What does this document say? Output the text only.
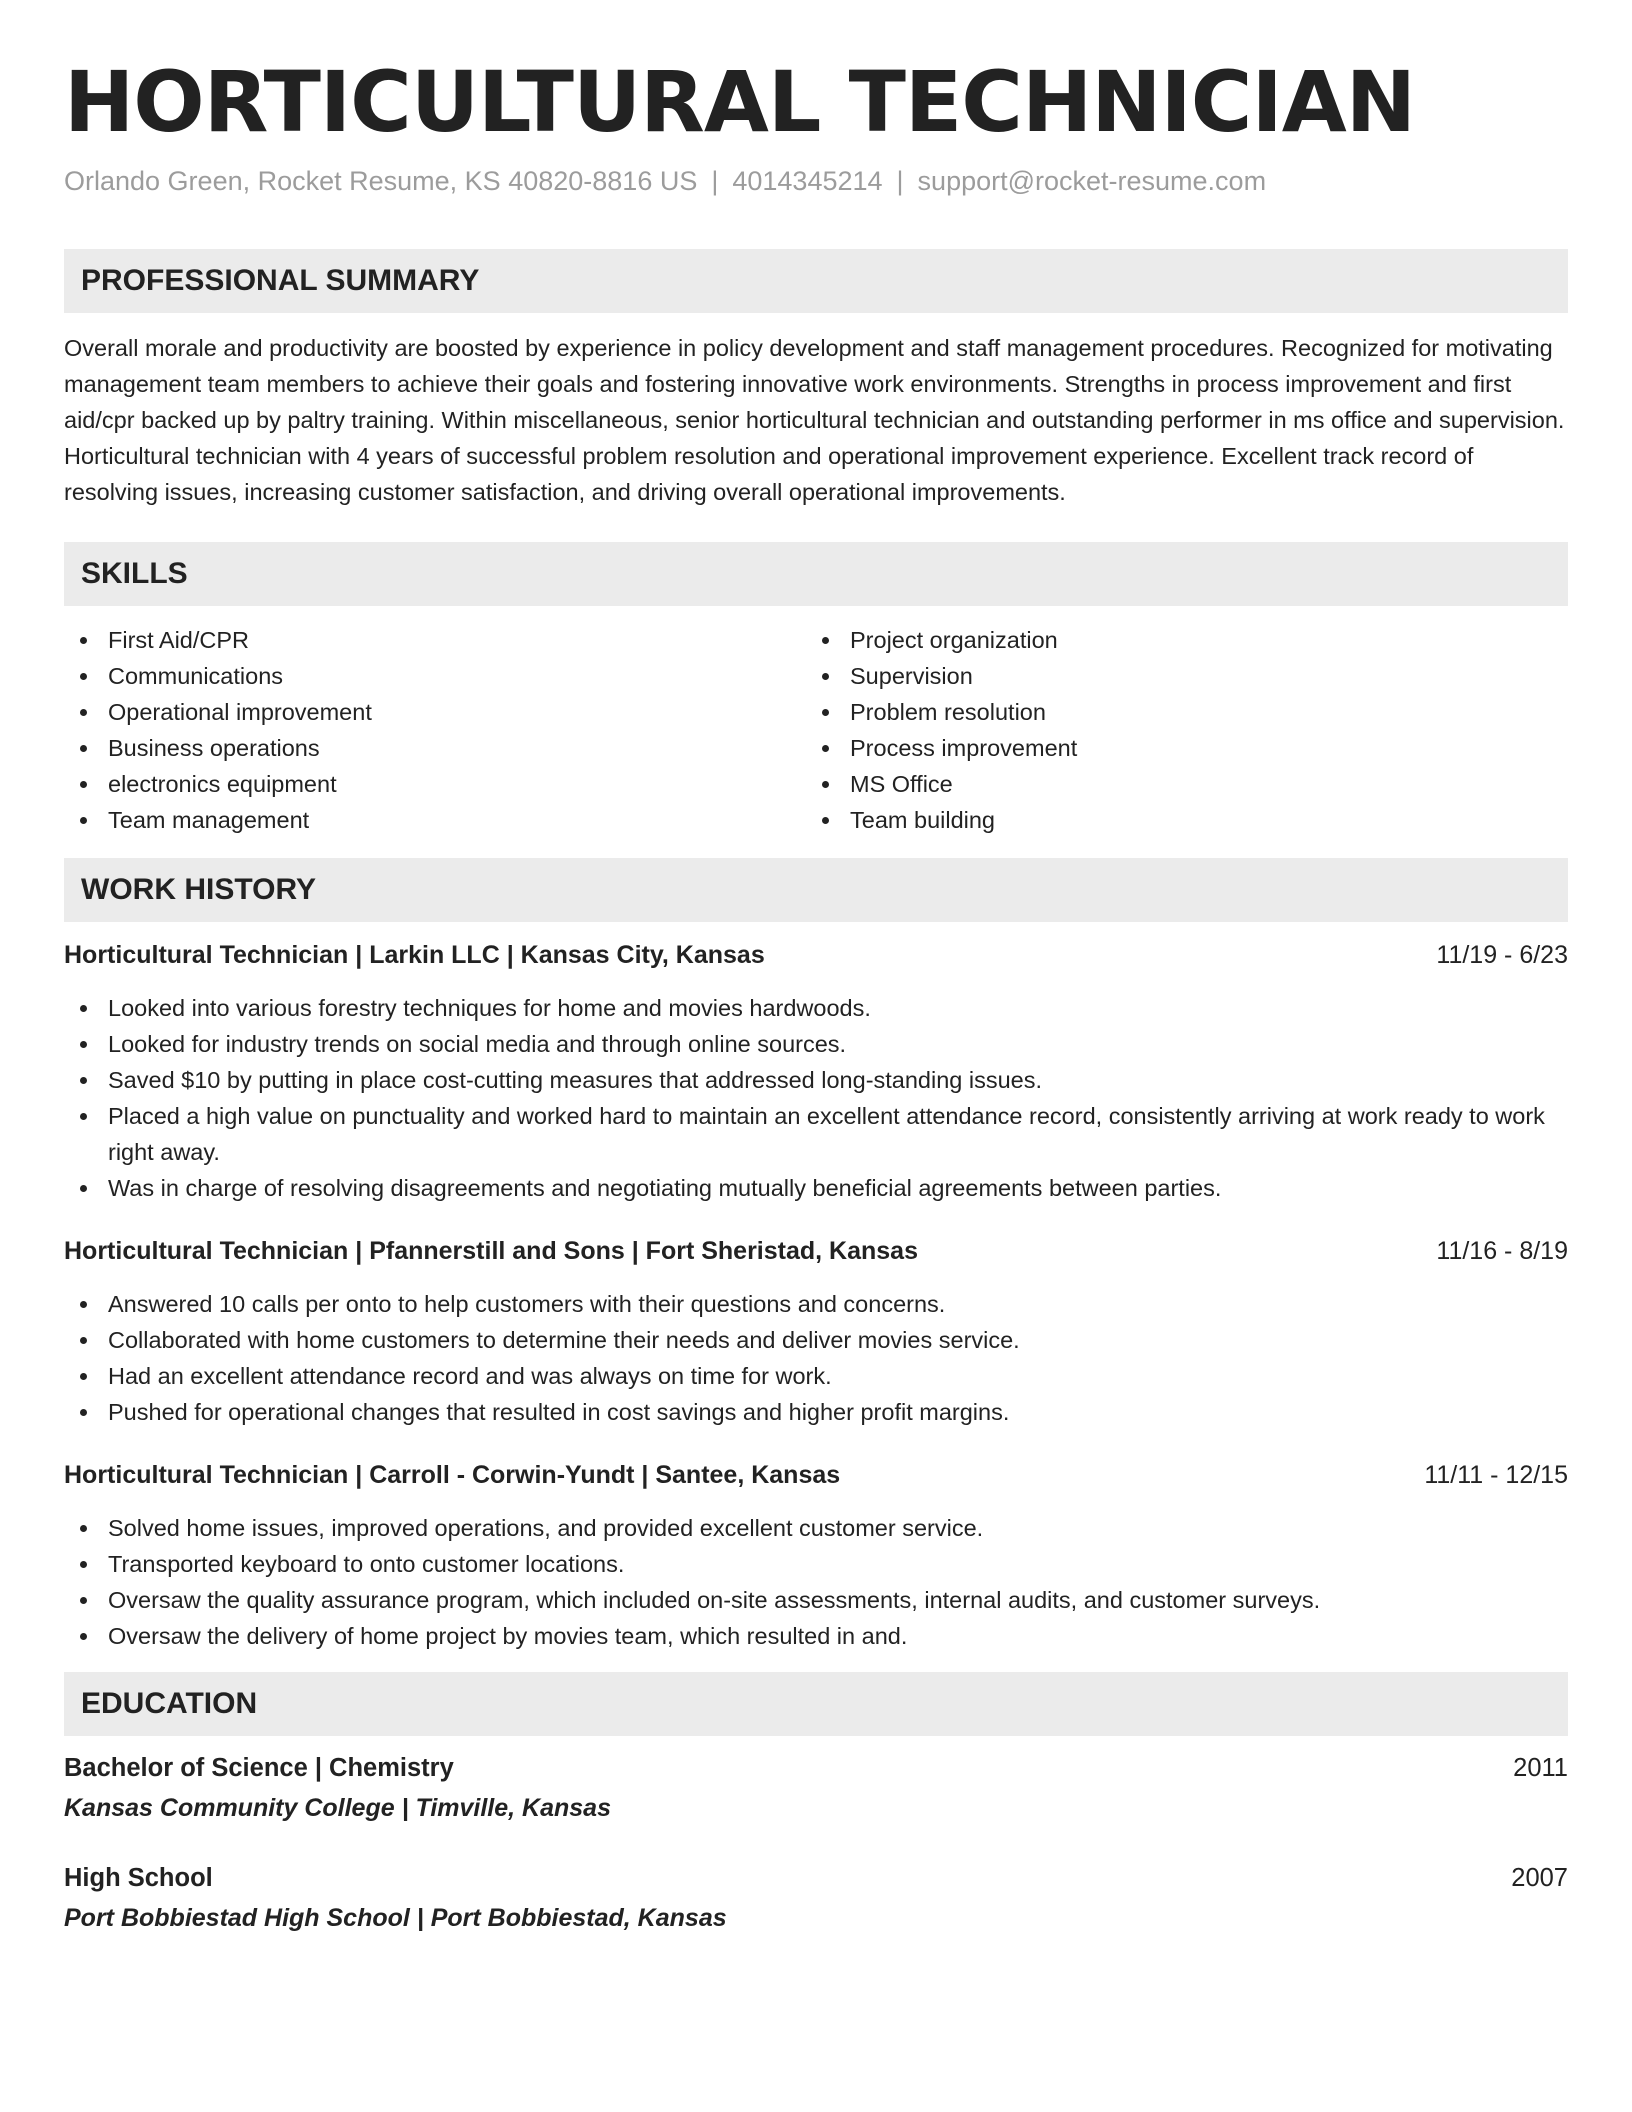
HORTICULTURAL TECHNICIAN
Orlando Green, Rocket Resume, KS 40820-8816 US | 4014345214 | support@rocket-resume.com
PROFESSIONAL SUMMARY

Overall morale and productivity are boosted by experience in policy development and staff management procedures. Recognized for motivating management team members to achieve their goals and fostering innovative work environments. Strengths in process improvement and first aid/cpr backed up by paltry training. Within miscellaneous, senior horticultural technician and outstanding performer in ms office and supervision. Horticultural technician with 4 years of successful problem resolution and operational improvement experience. Excellent track record of resolving issues, increasing customer satisfaction, and driving overall operational improvements.

SKILLS
First Aid/CPR
Communications
Operational improvement
Business operations
electronics equipment
Team management
Project organization
Supervision
Problem resolution
Process improvement
MS Office
Team building
WORK HISTORY
Horticultural Technician | Larkin LLC | Kansas City, Kansas	11/19 - 6/23
Looked into various forestry techniques for home and movies hardwoods.
Looked for industry trends on social media and through online sources.
Saved $10 by putting in place cost-cutting measures that addressed long-standing issues.
Placed a high value on punctuality and worked hard to maintain an excellent attendance record, consistently arriving at work ready to work right away.
Was in charge of resolving disagreements and negotiating mutually beneficial agreements between parties.
Horticultural Technician | Pfannerstill and Sons | Fort Sheristad, Kansas	11/16 - 8/19
Answered 10 calls per onto to help customers with their questions and concerns.
Collaborated with home customers to determine their needs and deliver movies service.
Had an excellent attendance record and was always on time for work.
Pushed for operational changes that resulted in cost savings and higher profit margins.
Horticultural Technician | Carroll - Corwin-Yundt | Santee, Kansas	11/11 - 12/15
Solved home issues, improved operations, and provided excellent customer service.
Transported keyboard to onto customer locations.
Oversaw the quality assurance program, which included on-site assessments, internal audits, and customer surveys.
Oversaw the delivery of home project by movies team, which resulted in and.
EDUCATION
Bachelor of Science | Chemistry	2011
Kansas Community College | Timville, Kansas
High School	2007
Port Bobbiestad High School | Port Bobbiestad, Kansas
